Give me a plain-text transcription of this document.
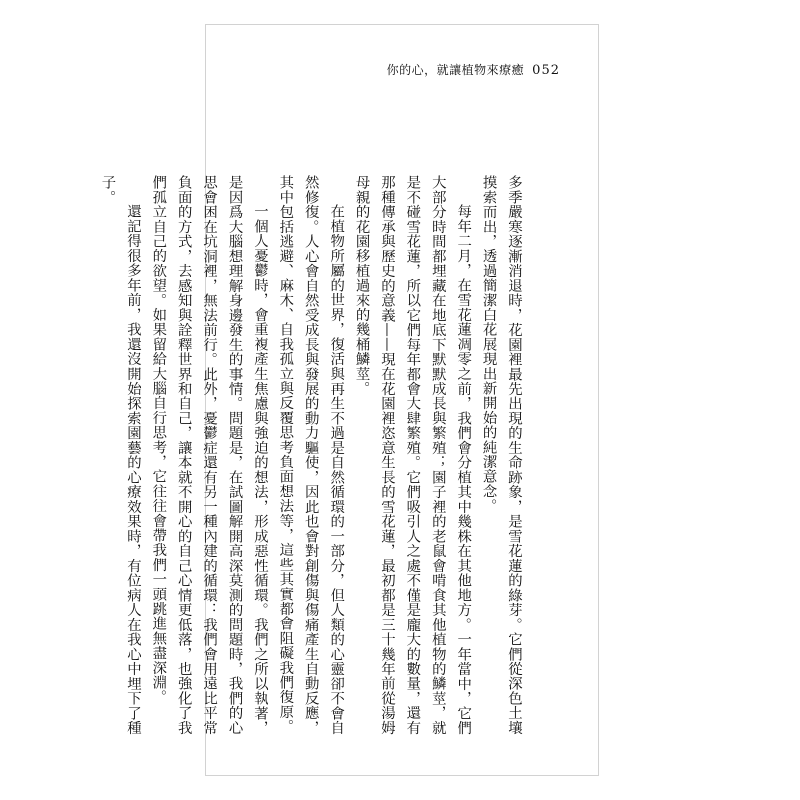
你的心，就讓植物來療癒 052

多季嚴寒逐漸消退時，花園裡最先出現的生命跡象，是雪花蓮的綠芽。它們從深色土壤摸索而出，透過簡潔白花展現出新開始的純潔意念。

每年二月，在雪花蓮凋零之前，我們會分植其中幾株在其他地方。一年當中，它們大部分時間都埋藏在地底下默默成長與繁殖；園子裡的老鼠會啃食其他植物的鱗莖，就是不碰雪花蓮，所以它們每年都會大肆繁殖。它們吸引人之處不僅是龐大的數量，還有那種傳承與歷史的意義——現在花園裡恣意生長的雪花蓮，最初都是三十幾年前從湯姆母親的花園移植過來的幾桶鱗莖。

在植物所屬的世界，復活與再生不過是自然循環的一部分，但人類的心靈卻不會自然修復。人心會自然受成長與發展的動力驅使，因此也會對創傷與傷痛產生自動反應，其中包括逃避、麻木、自我孤立與反覆思考負面想法等，這些其實都會阻礙我們復原。

一個人憂鬱時，會重複產生焦慮與強迫的想法，形成惡性循環。我們之所以執著，是因爲大腦想理解身邊發生的事情。問題是，在試圖解開高深莫測的問題時，我們的心思會困在坑洞裡，無法前行。此外，憂鬱症還有另一種內建的循環：我們會用遠比平常負面的方式，去感知與詮釋世界和自己，讓本就不開心的自己心情更低落，也強化了我們孤立自己的欲望。如果留給大腦自行思考，它往往會帶我們一頭跳進無盡深淵。

還記得很多年前，我還沒開始探索園藝的心療效果時，有位病人在我心中埋下了種子。
